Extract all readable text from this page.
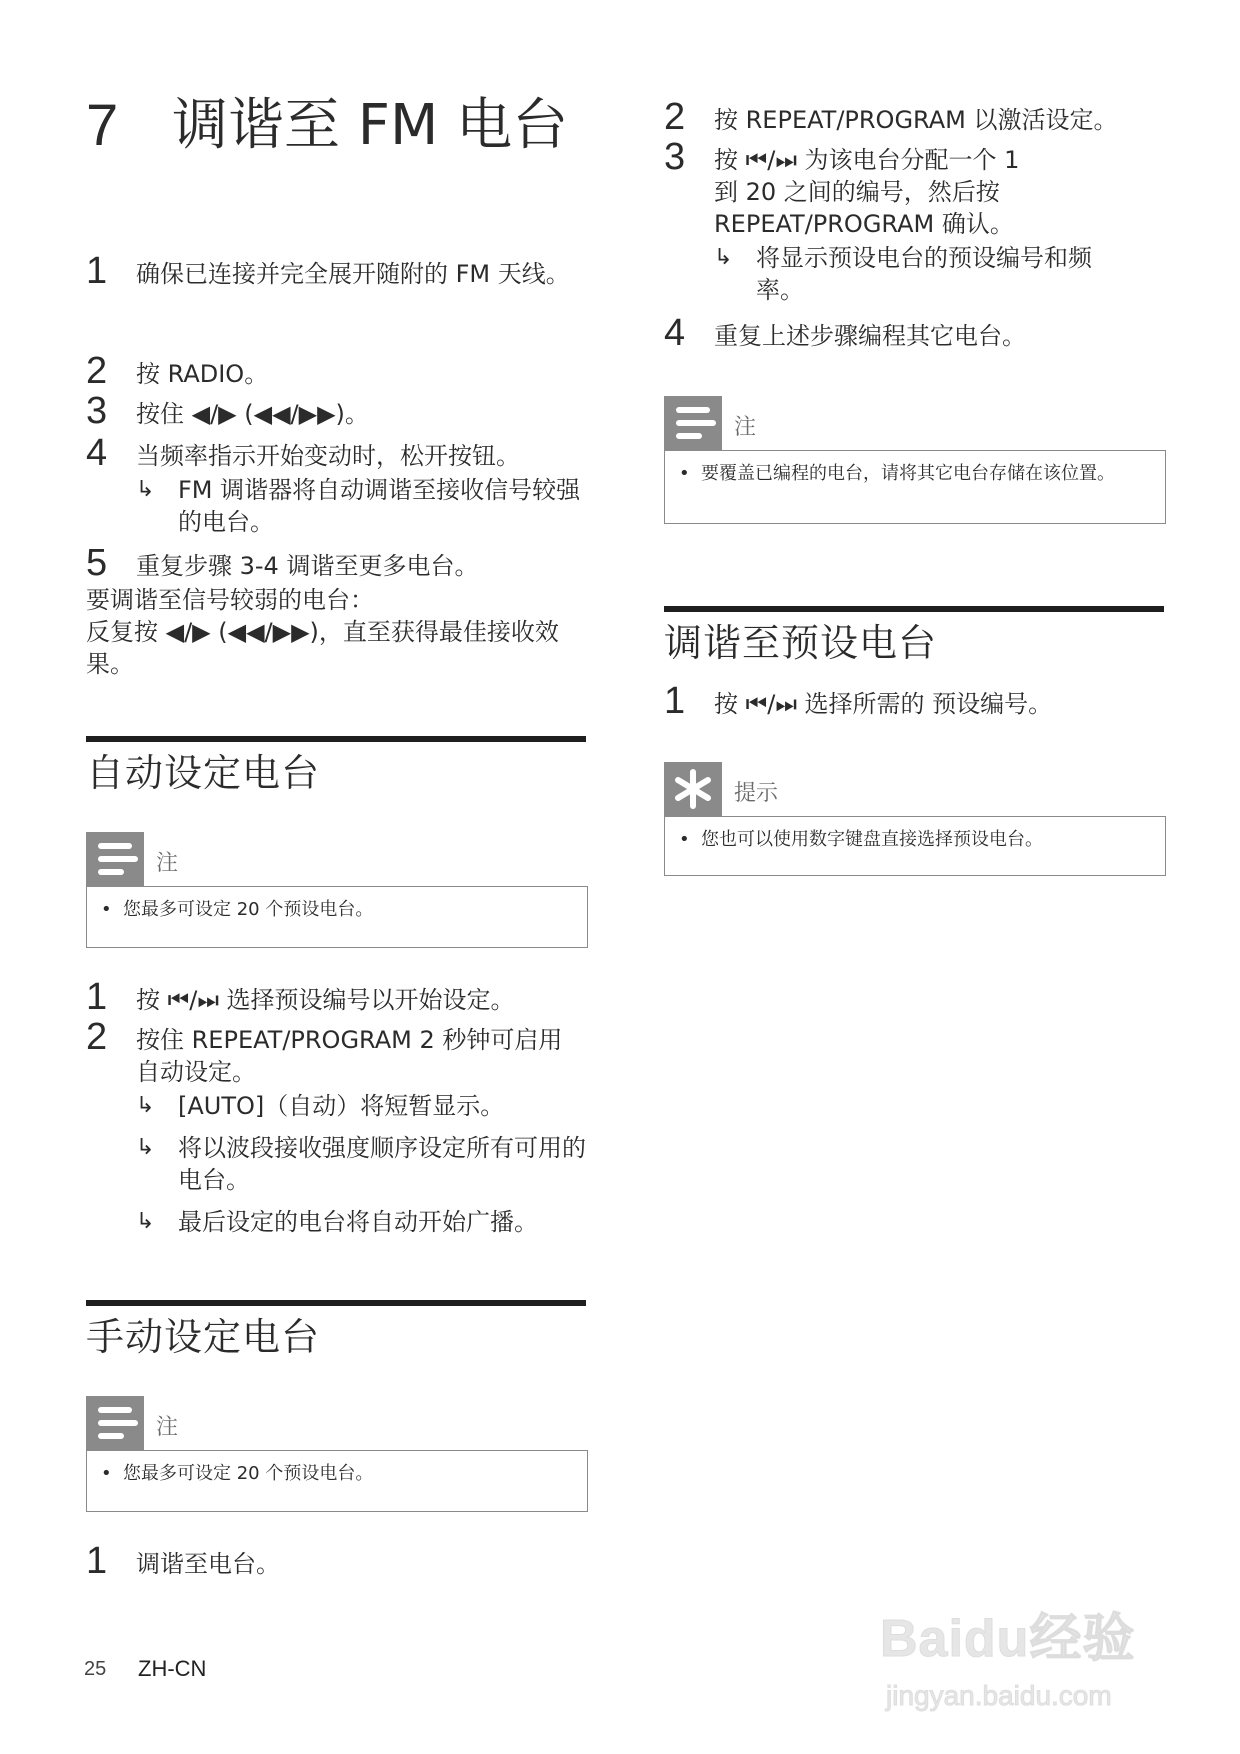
7 调谐至 FM 电台
1 确保已连接并完全展开随附的 FM 天线。
2 按 RADIO。
3 按住 ◀/▶ (◀◀/▶▶)。
4 当频率指示开始变动时，松开按钮。
↳ FM 调谐器将自动调谐至接收信号较强的电台。
5 重复步骤 3-4 调谐至更多电台。
要调谐至信号较弱的电台：
反复按 ◀/▶ (◀◀/▶▶)，直至获得最佳接收效果。
自动设定电台
注
• 您最多可设定 20 个预设电台。
1 按 ⏮/⏭ 选择预设编号以开始设定。
2 按住 REPEAT/PROGRAM 2 秒钟可启用自动设定。
↳ [AUTO]（自动）将短暂显示。
↳ 将以波段接收强度顺序设定所有可用的电台。
↳ 最后设定的电台将自动开始广播。
手动设定电台
注
• 您最多可设定 20 个预设电台。
1 调谐至电台。
2 按 REPEAT/PROGRAM 以激活设定。
3 按 ⏮/⏭ 为该电台分配一个 1 到 20 之间的编号，然后按 REPEAT/PROGRAM 确认。
↳ 将显示预设电台的预设编号和频率。
4 重复上述步骤编程其它电台。
注
• 要覆盖已编程的电台，请将其它电台存储在该位置。
调谐至预设电台
1 按 ⏮/⏭ 选择所需的 预设编号。
提示
• 您也可以使用数字键盘直接选择预设电台。
25 ZH-CN
Baidu经验
jingyan.baidu.com
